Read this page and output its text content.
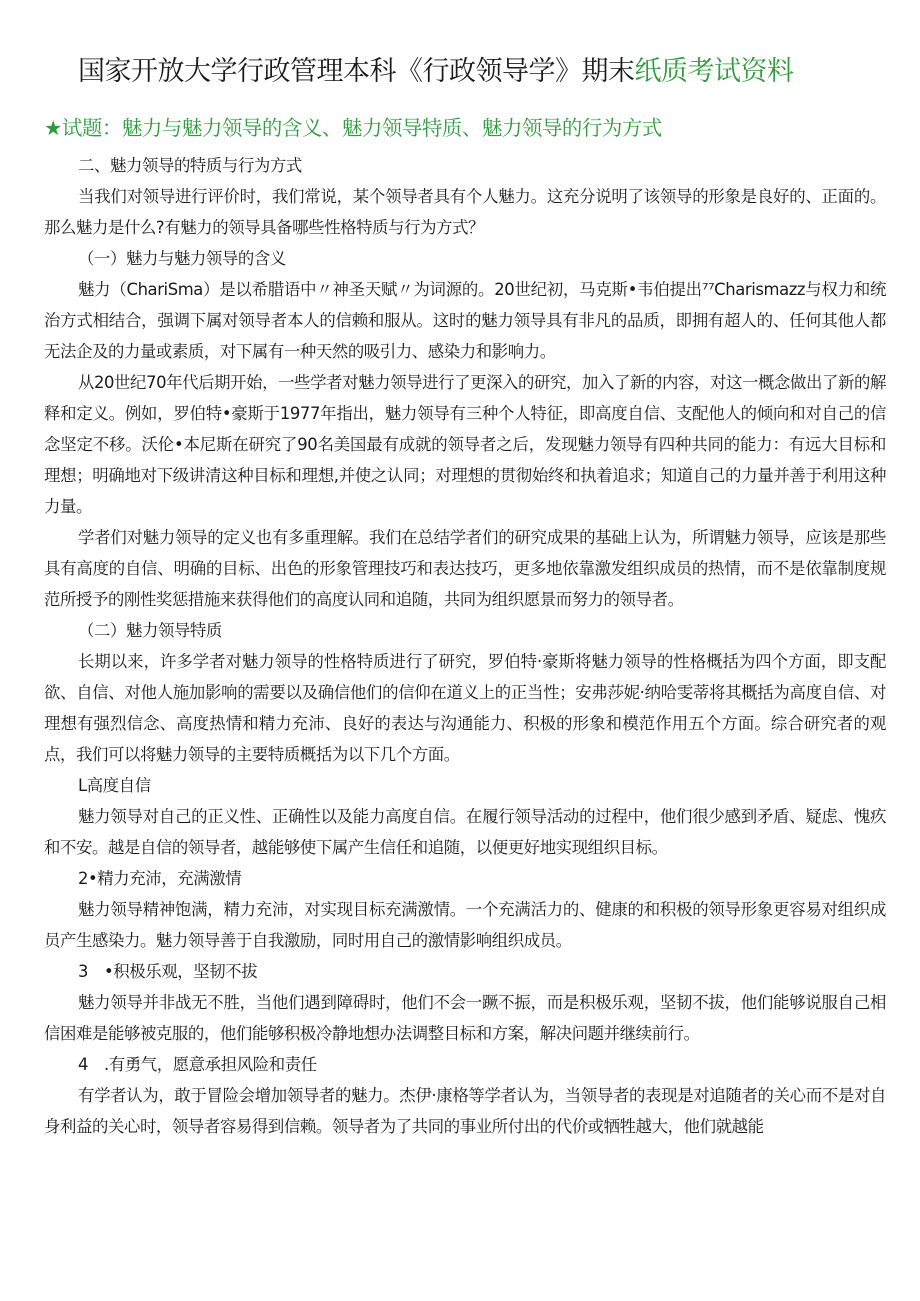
国家开放大学行政管理本科《行政领导学》期末纸质考试资料
★试题：魅力与魅力领导的含义、魅力领导特质、魅力领导的行为方式

二、魅力领导的特质与行为方式

当我们对领导进行评价时，我们常说，某个领导者具有个人魅力。这充分说明了该领导的形象是良好的、正面的。那么魅力是什么?有魅力的领导具备哪些性格特质与行为方式？

（一）魅力与魅力领导的含义

魅力（ChariSma）是以希腊语中〃神圣天赋〃为词源的。20世纪初，马克斯•韦伯提出⁷⁷Charismazz与权力和统治方式相结合，强调下属对领导者本人的信赖和服从。这时的魅力领导具有非凡的品质，即拥有超人的、任何其他人都无法企及的力量或素质，对下属有一种天然的吸引力、感染力和影响力。

从20世纪70年代后期开始，一些学者对魅力领导进行了更深入的研究，加入了新的内容，对这一概念做出了新的解释和定义。例如，罗伯特•豪斯于1977年指出，魅力领导有三种个人特征，即高度自信、支配他人的倾向和对自己的信念坚定不移。沃伦•本尼斯在研究了90名美国最有成就的领导者之后，发现魅力领导有四种共同的能力：有远大目标和理想；明确地对下级讲清这种目标和理想,并使之认同；对理想的贯彻始终和执着追求；知道自己的力量并善于利用这种力量。

学者们对魅力领导的定义也有多重理解。我们在总结学者们的研究成果的基础上认为，所谓魅力领导，应该是那些具有高度的自信、明确的目标、出色的形象管理技巧和表达技巧，更多地依靠激发组织成员的热情，而不是依靠制度规范所授予的刚性奖惩措施来获得他们的高度认同和追随，共同为组织愿景而努力的领导者。

（二）魅力领导特质

长期以来，许多学者对魅力领导的性格特质进行了研究，罗伯特·豪斯将魅力领导的性格概括为四个方面，即支配欲、自信、对他人施加影响的需要以及确信他们的信仰在道义上的正当性；安弗莎妮·纳哈雯蒂将其概括为高度自信、对理想有强烈信念、高度热情和精力充沛、良好的表达与沟通能力、积极的形象和模范作用五个方面。综合研究者的观点，我们可以将魅力领导的主要特质概括为以下几个方面。

L高度自信

魅力领导对自己的正义性、正确性以及能力高度自信。在履行领导活动的过程中，他们很少感到矛盾、疑虑、愧疚和不安。越是自信的领导者，越能够使下属产生信任和追随，以便更好地实现组织目标。

2•精力充沛，充满激情

魅力领导精神饱满，精力充沛，对实现目标充满激情。一个充满活力的、健康的和积极的领导形象更容易对组织成员产生感染力。魅力领导善于自我激励，同时用自己的激情影响组织成员。

3　•积极乐观，坚韧不拔

魅力领导并非战无不胜，当他们遇到障碍时，他们不会一蹶不振，而是积极乐观，坚韧不拔，他们能够说服自己相信困难是能够被克服的，他们能够积极冷静地想办法调整目标和方案，解决问题并继续前行。

4　.有勇气，愿意承担风险和责任

有学者认为，敢于冒险会增加领导者的魅力。杰伊·康格等学者认为，当领导者的表现是对追随者的关心而不是对自身利益的关心时，领导者容易得到信赖。领导者为了共同的事业所付出的代价或牺牲越大，他们就越能
